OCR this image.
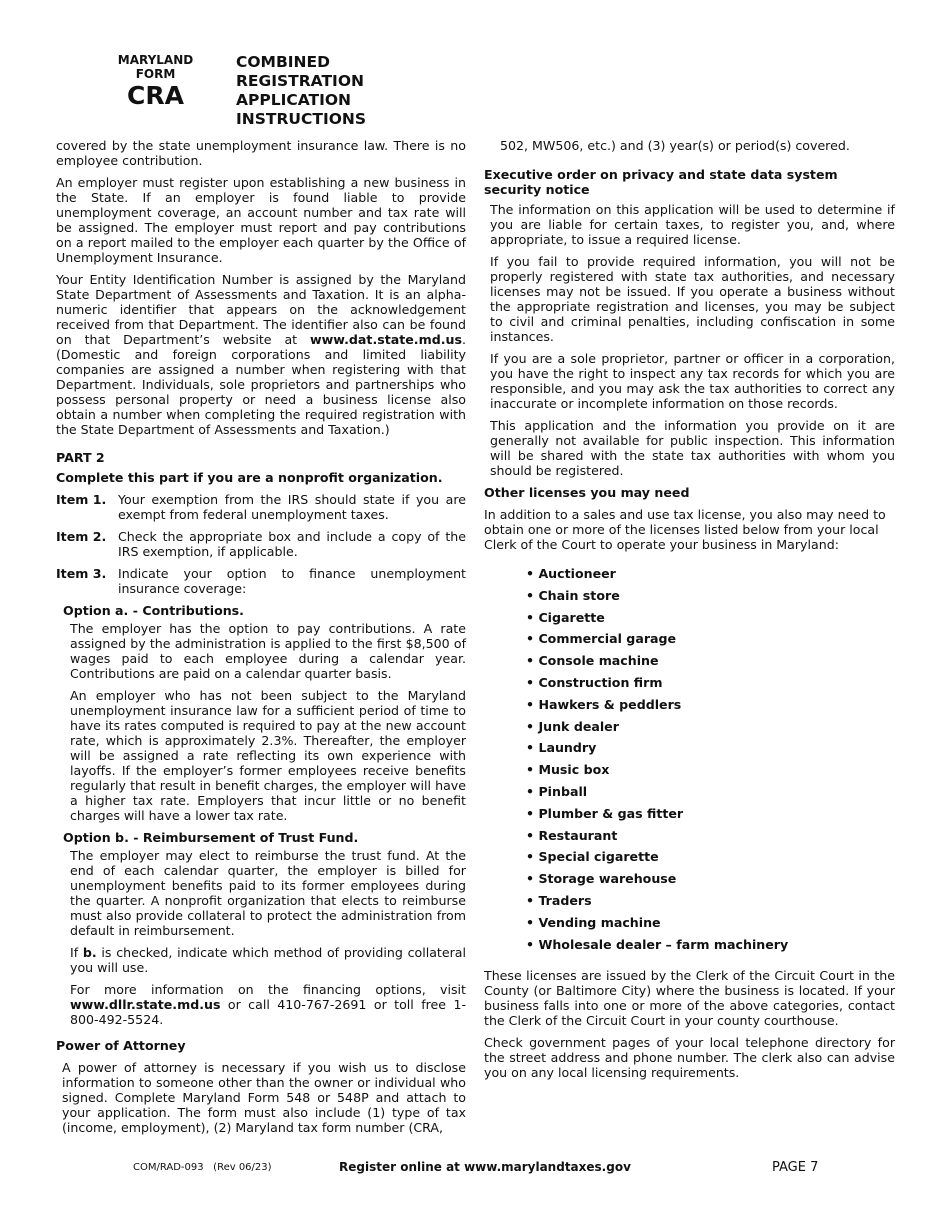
MARYLAND
FORM
CRA
COMBINED
REGISTRATION
APPLICATION
INSTRUCTIONS

covered by the state unemployment insurance law. There is no employee contribution.

An employer must register upon establishing a new business in the State. If an employer is found liable to provide unemployment coverage, an account number and tax rate will be assigned. The employer must report and pay contributions on a report mailed to the employer each quarter by the Office of Unemployment Insurance.

Your Entity Identification Number is assigned by the Maryland State Department of Assessments and Taxation. It is an alpha-numeric identifier that appears on the acknowledgement received from that Department. The identifier also can be found on that Department’s website at www.dat.state.md.us. (Domestic and foreign corporations and limited liability companies are assigned a number when registering with that Department. Individuals, sole proprietors and partnerships who possess personal property or need a business license also obtain a number when completing the required registration with the State Department of Assessments and Taxation.)

PART 2

Complete this part if you are a nonprofit organization.

Item 1. Your exemption from the IRS should state if you are exempt from federal unemployment taxes.
Item 2. Check the appropriate box and include a copy of the IRS exemption, if applicable.
Item 3. Indicate your option to finance unemployment insurance coverage:

Option a. - Contributions.

The employer has the option to pay contributions. A rate assigned by the administration is applied to the first $8,500 of wages paid to each employee during a calendar year. Contributions are paid on a calendar quarter basis.

An employer who has not been subject to the Maryland unemployment insurance law for a sufficient period of time to have its rates computed is required to pay at the new account rate, which is approximately 2.3%. Thereafter, the employer will be assigned a rate reflecting its own experience with layoffs. If the employer’s former employees receive benefits regularly that result in benefit charges, the employer will have a higher tax rate. Employers that incur little or no benefit charges will have a lower tax rate.

Option b. - Reimbursement of Trust Fund.

The employer may elect to reimburse the trust fund. At the end of each calendar quarter, the employer is billed for unemployment benefits paid to its former employees during the quarter. A nonprofit organization that elects to reimburse must also provide collateral to protect the administration from default in reimbursement.

If b. is checked, indicate which method of providing collateral you will use.

For more information on the financing options, visit www.dllr.state.md.us or call 410-767-2691 or toll free 1-800-492-5524.

Power of Attorney

A power of attorney is necessary if you wish us to disclose information to someone other than the owner or individual who signed. Complete Maryland Form 548 or 548P and attach to your application. The form must also include (1) type of tax (income, employment), (2) Maryland tax form number (CRA,

502, MW506, etc.) and (3) year(s) or period(s) covered.

Executive order on privacy and state data system security notice

The information on this application will be used to determine if you are liable for certain taxes, to register you, and, where appropriate, to issue a required license.

If you fail to provide required information, you will not be properly registered with state tax authorities, and necessary licenses may not be issued. If you operate a business without the appropriate registration and licenses, you may be subject to civil and criminal penalties, including confiscation in some instances.

If you are a sole proprietor, partner or officer in a corporation, you have the right to inspect any tax records for which you are responsible, and you may ask the tax authorities to correct any inaccurate or incomplete information on those records.

This application and the information you provide on it are generally not available for public inspection. This information will be shared with the state tax authorities with whom you should be registered.

Other licenses you may need

In addition to a sales and use tax license, you also may need to obtain one or more of the licenses listed below from your local Clerk of the Court to operate your business in Maryland:

• Auctioneer
• Chain store
• Cigarette
• Commercial garage
• Console machine
• Construction firm
• Hawkers & peddlers
• Junk dealer
• Laundry
• Music box
• Pinball
• Plumber & gas fitter
• Restaurant
• Special cigarette
• Storage warehouse
• Traders
• Vending machine
• Wholesale dealer – farm machinery

These licenses are issued by the Clerk of the Circuit Court in the County (or Baltimore City) where the business is located. If your business falls into one or more of the above categories, contact the Clerk of the Circuit Court in your county courthouse.

Check government pages of your local telephone directory for the street address and phone number. The clerk also can advise you on any local licensing requirements.

COM/RAD-093   (Rev 06/23)	Register online at www.marylandtaxes.gov	PAGE 7
